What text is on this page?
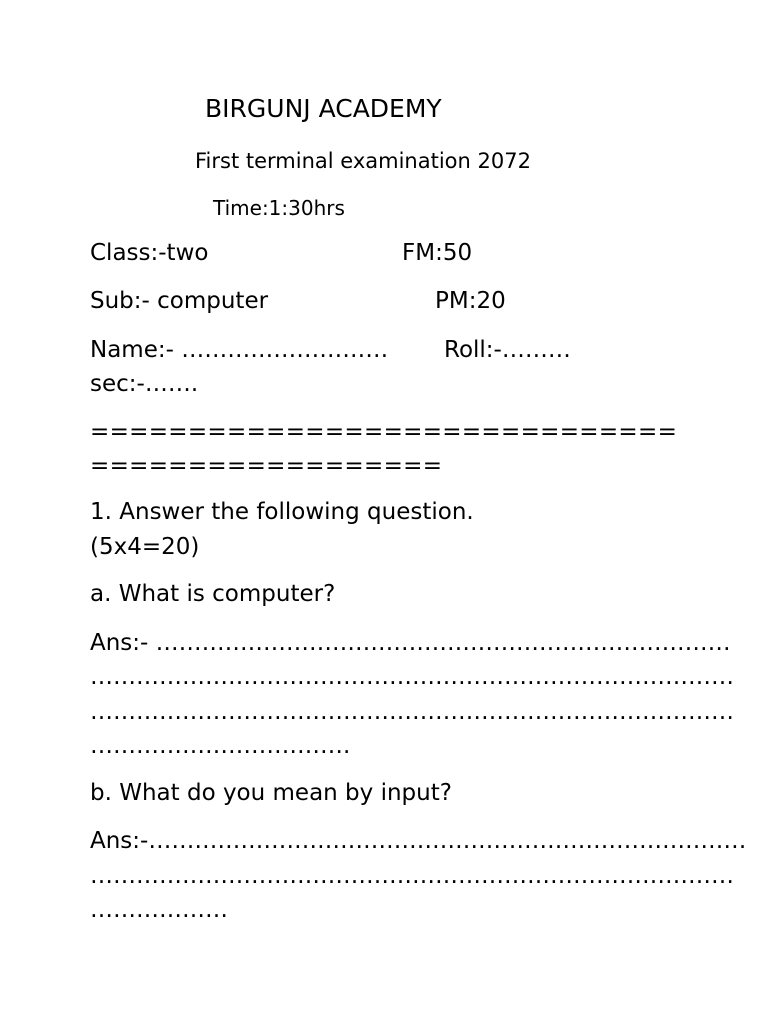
BIRGUNJ ACADEMY
First terminal examination 2072
Time:1:30hrs
Class:-two	FM:50
Sub:- computer	PM:20
Name:- ……………………… Roll:-………
sec:-…….
==============================
==================
1. Answer the following question.
(5x4=20)
a. What is computer?
Ans:- …………………………………………………………………
…………………………………………………………………………
…………………………………………………………………………
…………………………….
b. What do you mean by input?
Ans:-……………………………………………………………………
…………………………………………………………………………
………………
